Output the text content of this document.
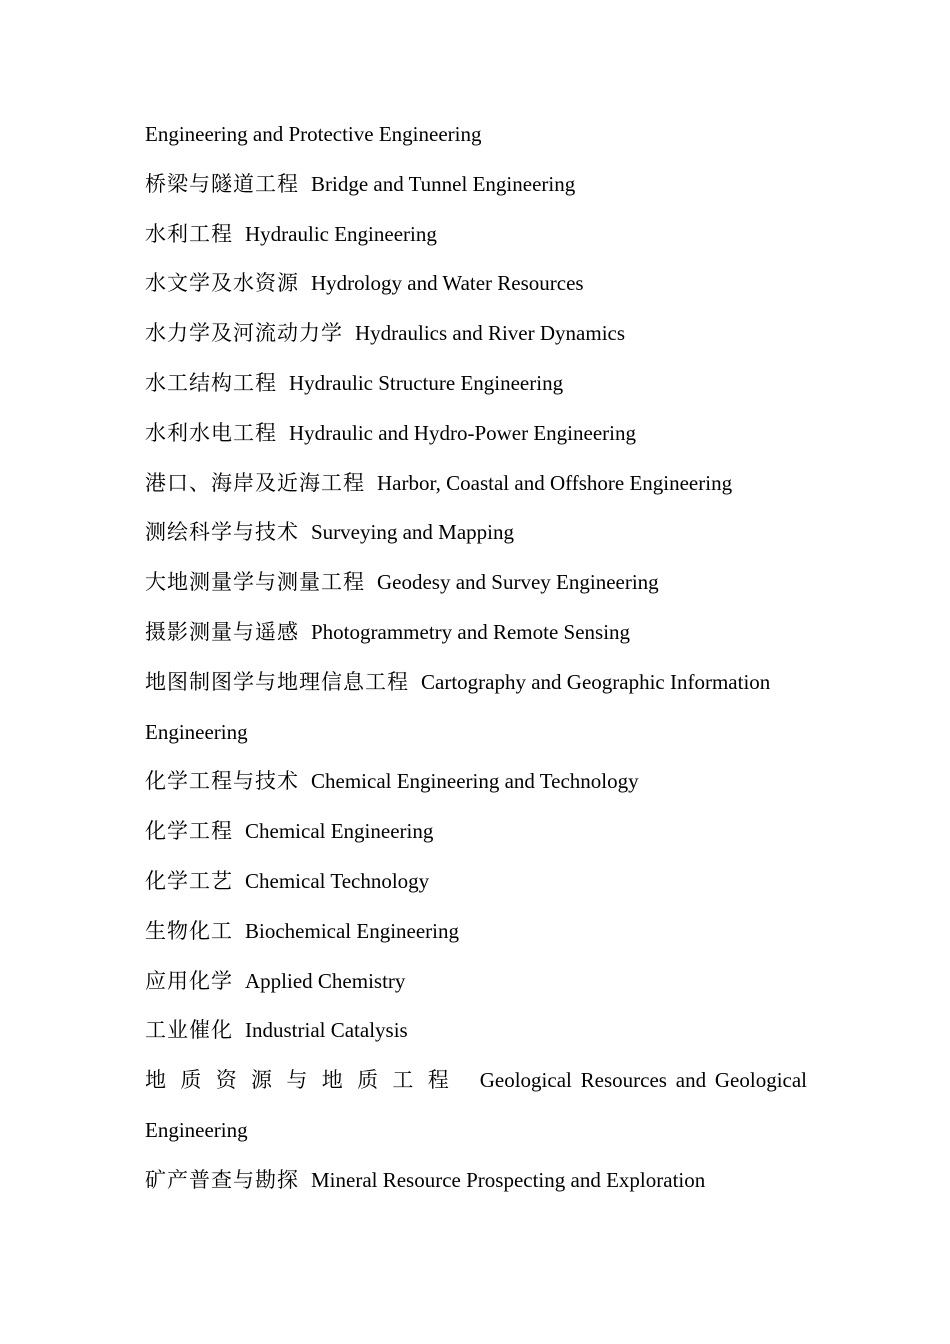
Engineering and Protective Engineering
桥梁与隧道工程 Bridge and Tunnel Engineering
水利工程 Hydraulic Engineering
水文学及水资源 Hydrology and Water Resources
水力学及河流动力学 Hydraulics and River Dynamics
水工结构工程 Hydraulic Structure Engineering
水利水电工程 Hydraulic and Hydro-Power Engineering
港口、海岸及近海工程 Harbor, Coastal and Offshore Engineering
测绘科学与技术 Surveying and Mapping
大地测量学与测量工程 Geodesy and Survey Engineering
摄影测量与遥感 Photogrammetry and Remote Sensing
地图制图学与地理信息工程 Cartography and Geographic Information
Engineering
化学工程与技术 Chemical Engineering and Technology
化学工程 Chemical Engineering
化学工艺 Chemical Technology
生物化工 Biochemical Engineering
应用化学 Applied Chemistry
工业催化 Industrial Catalysis
地 质 资 源 与 地 质 工 程 Geological Resources and Geological
Engineering
矿产普查与勘探 Mineral Resource Prospecting and Exploration
